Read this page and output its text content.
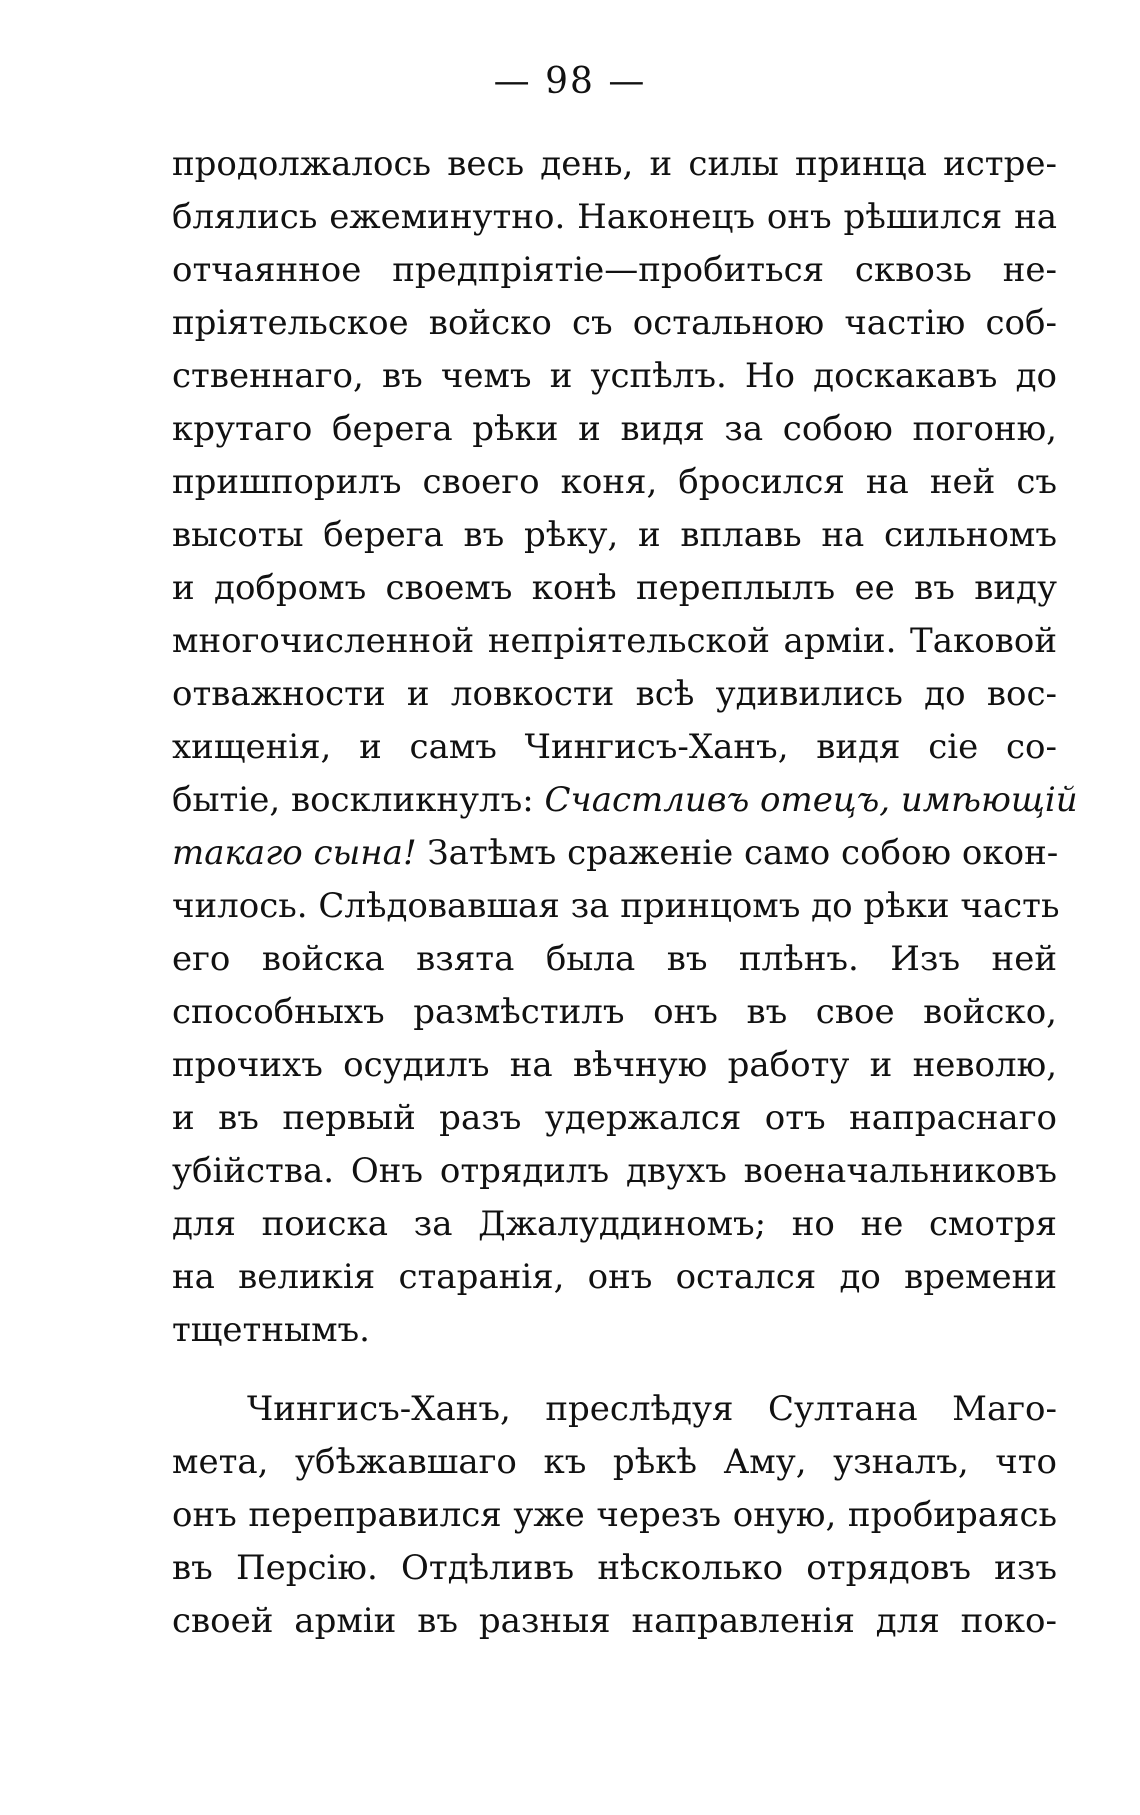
— 98 —
продолжалось весь день, и силы принца истре-
блялись ежеминутно. Наконецъ онъ рѣшился на
отчаянное предпріятіе—пробиться сквозь не-
пріятельское войско съ остальною частію соб-
ственнаго, въ чемъ и успѣлъ. Но доскакавъ до
крутаго берега рѣки и видя за собою погоню,
пришпорилъ своего коня, бросился на ней съ
высоты берега въ рѣку, и вплавь на сильномъ
и добромъ своемъ конѣ переплылъ ее въ виду
многочисленной непріятельской арміи. Таковой
отважности и ловкости всѣ удивились до вос-
хищенія, и самъ Чингисъ-Ханъ, видя сіе со-
бытіе, воскликнулъ: Счастливъ отецъ, имѣющій
такаго сына! Затѣмъ сраженіе само собою окон-
чилось. Слѣдовавшая за принцомъ до рѣки часть
его войска взята была въ плѣнъ. Изъ ней
способныхъ размѣстилъ онъ въ свое войско,
прочихъ осудилъ на вѣчную работу и неволю,
и въ первый разъ удержался отъ напраснаго
убійства. Онъ отрядилъ двухъ военачальниковъ
для поиска за Джалуддиномъ; но не смотря
на великія старанія, онъ остался до времени
тщетнымъ.
Чингисъ-Ханъ, преслѣдуя Султана Маго-
мета, убѣжавшаго къ рѣкѣ Аму, узналъ, что
онъ переправился уже черезъ оную, пробираясь
въ Персію. Отдѣливъ нѣсколько отрядовъ изъ
своей арміи въ разныя направленія для поко-
